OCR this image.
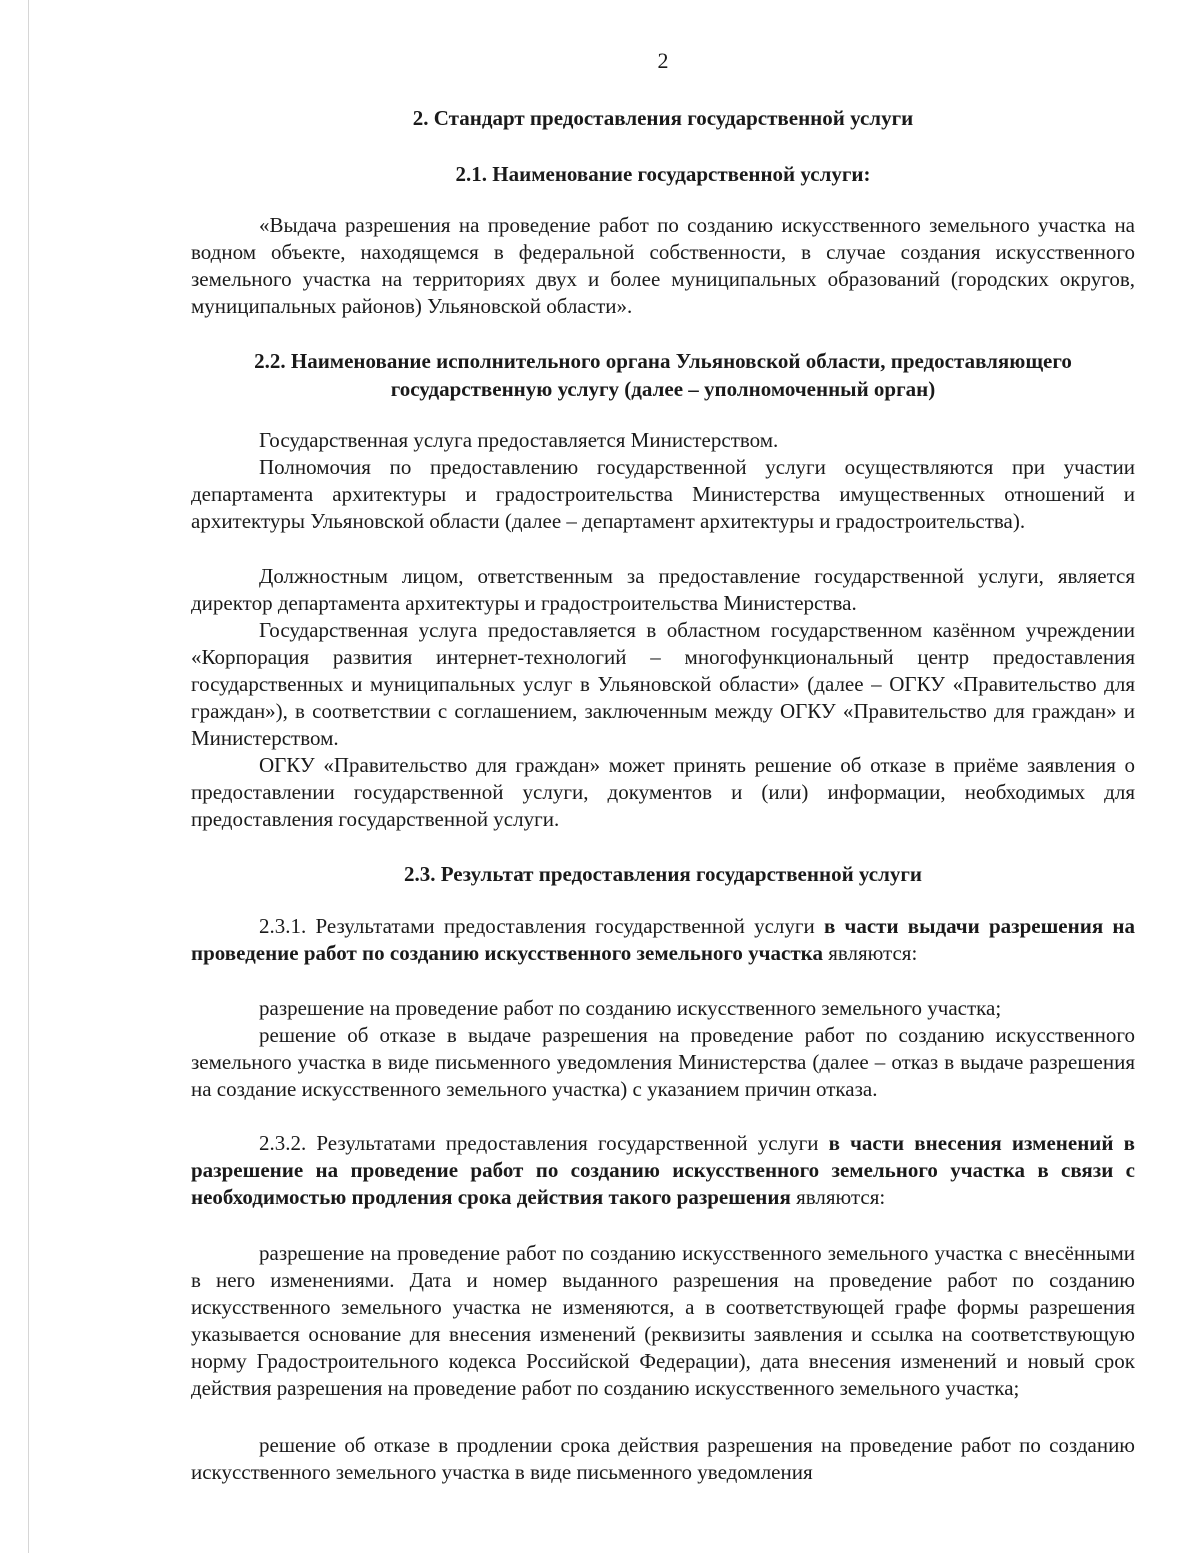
2
2. Стандарт предоставления государственной услуги
2.1. Наименование государственной услуги:

«Выдача разрешения на проведение работ по созданию искусственного земельного участка на водном объекте, находящемся в федеральной собственности, в случае создания искусственного земельного участка на территориях двух и более муниципальных образований (городских округов, муниципальных районов) Ульяновской области».

2.2. Наименование исполнительного органа Ульяновской области, предоставляющего государственную услугу (далее – уполномоченный орган)

Государственная услуга предоставляется Министерством.

Полномочия по предоставлению государственной услуги осуществляются при участии департамента архитектуры и градостроительства Министерства имущественных отношений и архитектуры Ульяновской области (далее – департамент архитектуры и градостроительства).

Должностным лицом, ответственным за предоставление государственной услуги, является директор департамента архитектуры и градостроительства Министерства.

Государственная услуга предоставляется в областном государственном казённом учреждении «Корпорация развития интернет-технологий – многофункциональный центр предоставления государственных и муниципальных услуг в Ульяновской области» (далее – ОГКУ «Правительство для граждан»), в соответствии с соглашением, заключенным между ОГКУ «Правительство для граждан» и Министерством.

ОГКУ «Правительство для граждан» может принять решение об отказе в приёме заявления о предоставлении государственной услуги, документов и (или) информации, необходимых для предоставления государственной услуги.

2.3. Результат предоставления государственной услуги

2.3.1. Результатами предоставления государственной услуги в части выдачи разрешения на проведение работ по созданию искусственного земельного участка являются:

разрешение на проведение работ по созданию искусственного земельного участка;

решение об отказе в выдаче разрешения на проведение работ по созданию искусственного земельного участка в виде письменного уведомления Министерства (далее – отказ в выдаче разрешения на создание искусственного земельного участка) с указанием причин отказа.

2.3.2. Результатами предоставления государственной услуги в части внесения изменений в разрешение на проведение работ по созданию искусственного земельного участка в связи с необходимостью продления срока действия такого разрешения являются:

разрешение на проведение работ по созданию искусственного земельного участка с внесёнными в него изменениями. Дата и номер выданного разрешения на проведение работ по созданию искусственного земельного участка не изменяются, а в соответствующей графе формы разрешения указывается основание для внесения изменений (реквизиты заявления и ссылка на соответствующую норму Градостроительного кодекса Российской Федерации), дата внесения изменений и новый срок действия разрешения на проведение работ по созданию искусственного земельного участка;

решение об отказе в продлении срока действия разрешения на проведение работ по созданию искусственного земельного участка в виде письменного уведомления
